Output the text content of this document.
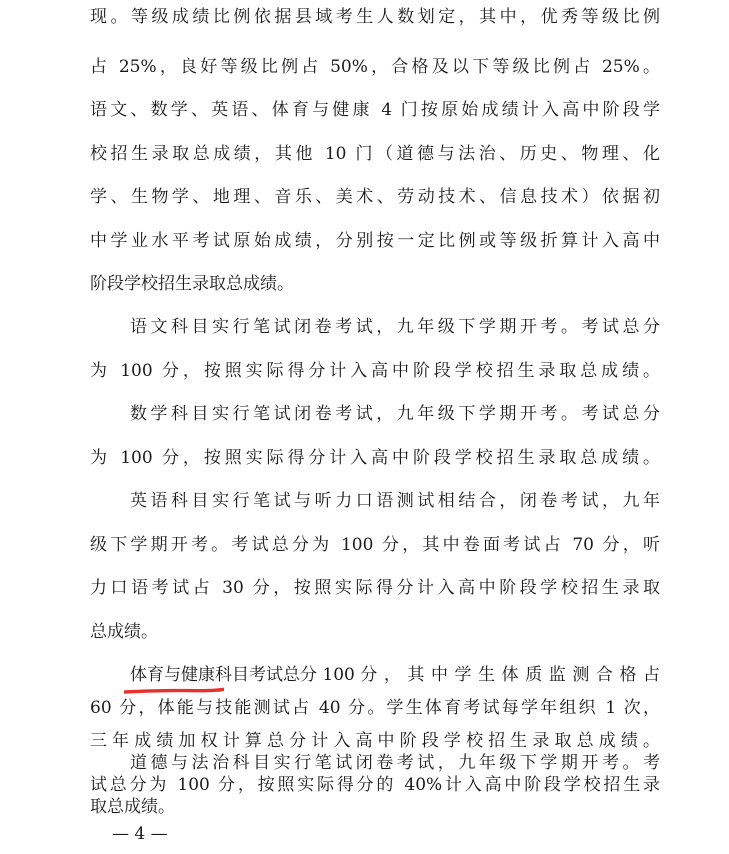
现。等级成绩比例依据县域考生人数划定，其中，优秀等级比例
占 25%，良好等级比例占 50%，合格及以下等级比例占 25%。
语文、数学、英语、体育与健康 4 门按原始成绩计入高中阶段学
校招生录取总成绩，其他 10 门（道德与法治、历史、物理、化
学、生物学、地理、音乐、美术、劳动技术、信息技术）依据初
中学业水平考试原始成绩，分别按一定比例或等级折算计入高中
阶段学校招生录取总成绩。
语文科目实行笔试闭卷考试，九年级下学期开考。考试总分
为 100 分，按照实际得分计入高中阶段学校招生录取总成绩。
数学科目实行笔试闭卷考试，九年级下学期开考。考试总分
为 100 分，按照实际得分计入高中阶段学校招生录取总成绩。
英语科目实行笔试与听力口语测试相结合，闭卷考试，九年
级下学期开考。考试总分为 100 分，其中卷面考试占 70 分，听
力口语考试占 30 分，按照实际得分计入高中阶段学校招生录取
总成绩。
体育与健康科目考试总分 100 分
，其中学生体质监测合格占
60 分，体能与技能测试占 40 分。学生体育考试每学年组织 1 次，
三年成绩加权计算总分计入高中阶段学校招生录取总成绩。
道德与法治科目实行笔试闭卷考试，九年级下学期开考。考
试总分为 100 分，按照实际得分的 40%计入高中阶段学校招生录
取总成绩。
— 4 —
